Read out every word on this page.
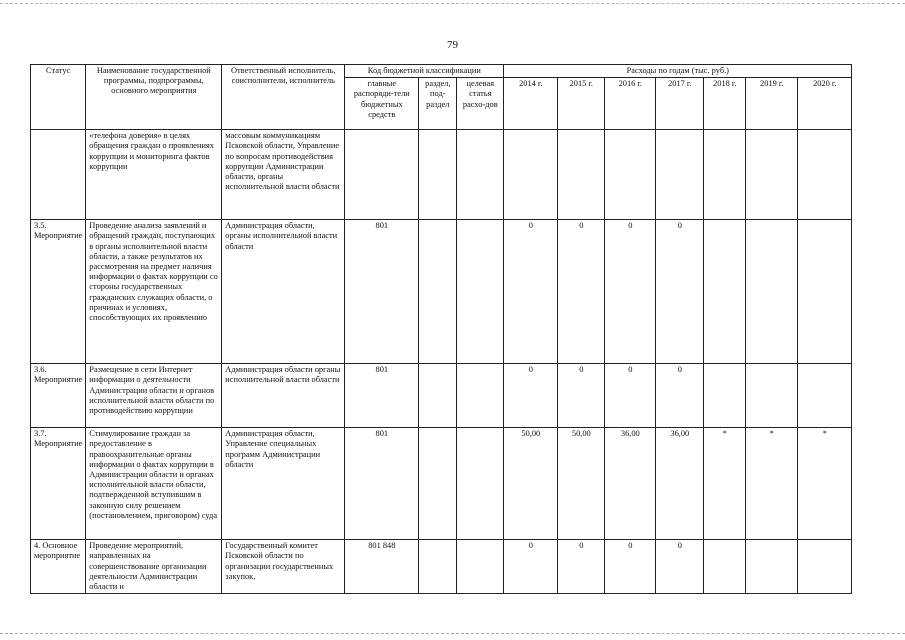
79
Статус	Наименование государственной программы, подпрограммы, основного мероприятия	Ответственный исполнитель, соисполнители, исполнитель	Код бюджетной классификации			Расходы по годам (тыс. руб.)						
			главные распоряди-тели бюджетных средств	раздел, под-раздел	целевая статья расхо-дов	2014 г.	2015 г.	2016 г.	2017 г.	2018 г.	2019 г.	2020 г.
	«телефона доверия» в целях обращения граждан о проявлениях коррупции и мониторинга фактов коррупции	массовым коммуникациям Псковской области, Управление по вопросам противодействия коррупции Администрации области, органы исполнительной власти области										
3.5. Мероприятие	Проведение анализа заявлений и обращений граждан, поступающих в органы исполнительной власти области, а также результатов их рассмотрения на предмет наличия информации о фактах коррупции со стороны государственных гражданских служащих области, о причинах и условиях, способствующих их проявлению	Администрация области, органы исполнительной власти области	801			0	0	0	0			
3.6. Мероприятие	Размещение в сети Интернет информации о деятельности Администрации области и органов исполнительной власти области по противодействию коррупции	Администрация области органы исполнительной власти области	801			0	0	0	0			
3.7. Мероприятие	Стимулирование граждан за предоставление в правоохранительные органы информации о фактах коррупции в Администрации области и органах исполнительной власти области, подтвержденной вступившим в законную силу решением (постановлением, приговором) суда	Администрация области, Управление специальных программ Администрации области	801			50,00	50,00	36,00	36,00	*	*	*
4. Основное мероприятие	Проведение мероприятий, направленных на совершенствование организации деятельности Администрации области и	Государственный комитет Псковской области по организации государственных закупок,	801 848			0	0	0	0			
